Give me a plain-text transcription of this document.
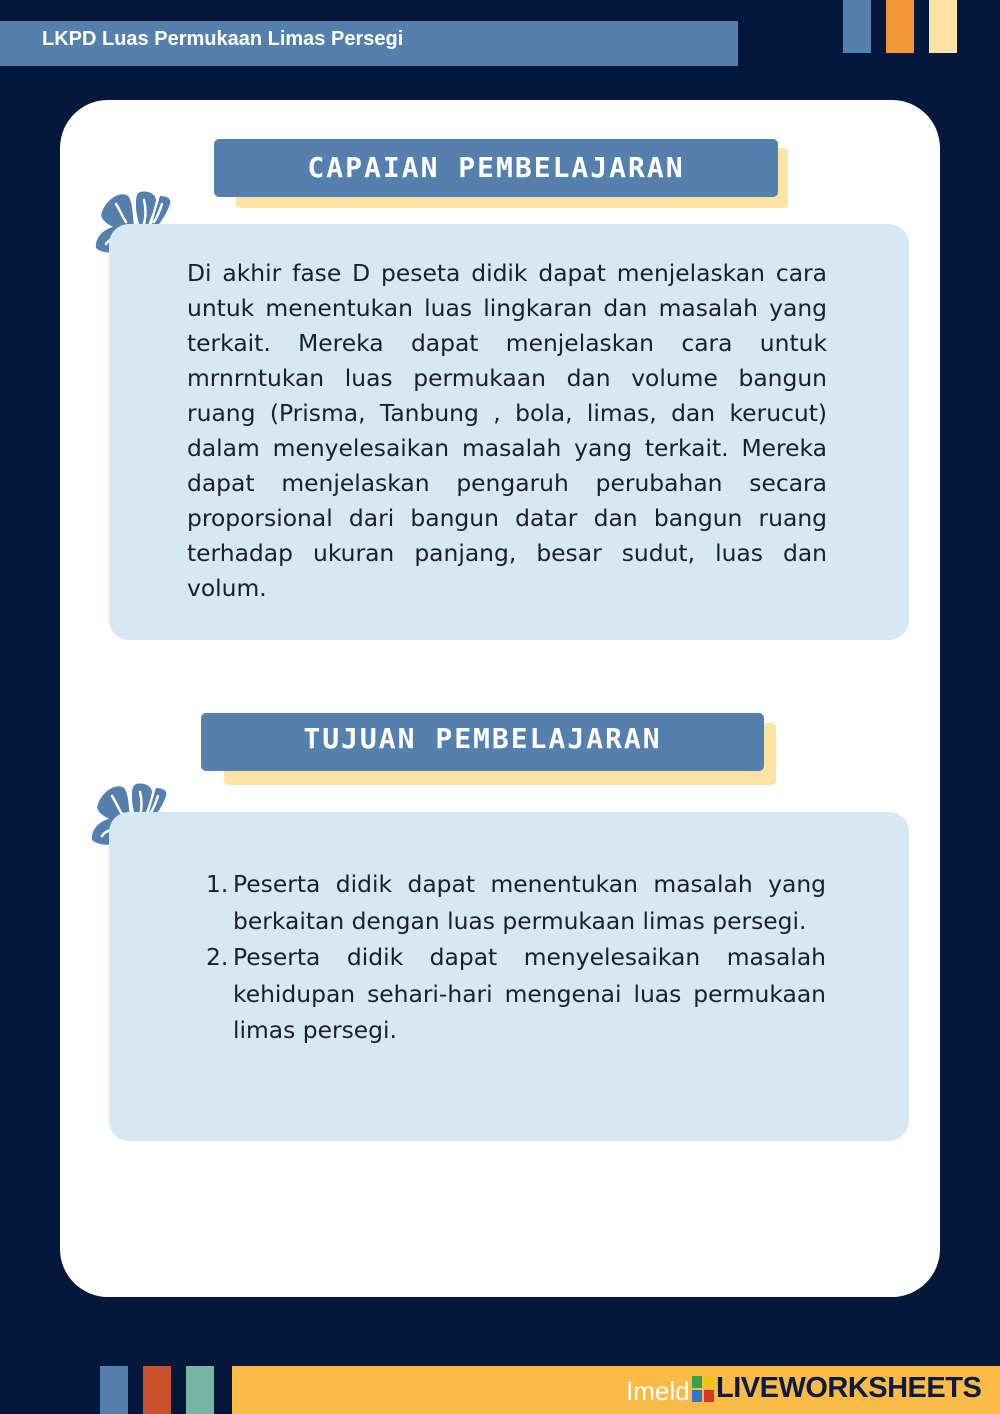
LKPD Luas Permukaan Limas Persegi
CAPAIAN PEMBELAJARAN
Di akhir fase D peseta didik dapat menjelaskan cara untuk menentukan luas lingkaran dan masalah yang terkait. Mereka dapat menjelaskan cara untuk mrnrntukan luas permukaan dan volume bangun ruang (Prisma, Tanbung , bola, limas, dan kerucut) dalam menyelesaikan masalah yang terkait. Mereka dapat menjelaskan pengaruh perubahan secara proporsional dari bangun datar dan bangun ruang terhadap ukuran panjang, besar sudut, luas dan volum.
TUJUAN PEMBELAJARAN
1. Peserta didik dapat menentukan masalah yang berkaitan dengan luas permukaan limas persegi.
2. Peserta didik dapat menyelesaikan masalah kehidupan sehari-hari mengenai luas permukaan limas persegi.
Imeld LIVEWORKSHEETS
